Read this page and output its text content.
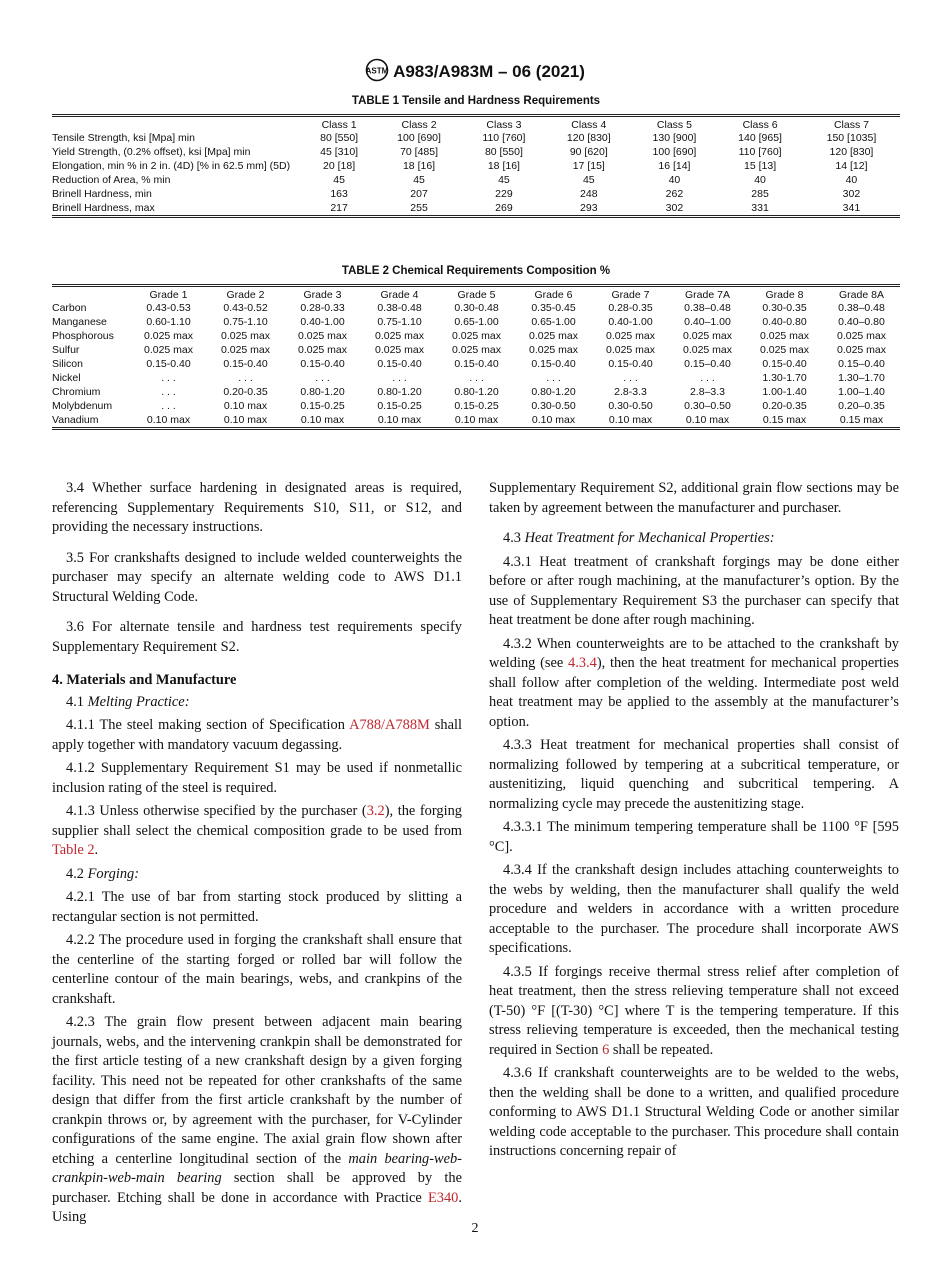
ASTM A983/A983M – 06 (2021)
TABLE 1 Tensile and Hardness Requirements
	Class 1	Class 2	Class 3	Class 4	Class 5	Class 6	Class 7
Tensile Strength, ksi [Mpa] min	80 [550]	100 [690]	110 [760]	120 [830]	130 [900]	140 [965]	150 [1035]
Yield Strength, (0.2% offset), ksi [Mpa] min	45 [310]	70 [485]	80 [550]	90 [620]	100 [690]	110 [760]	120 [830]
Elongation, min % in 2 in. (4D) [% in 62.5 mm] (5D)	20 [18]	18 [16]	18 [16]	17 [15]	16 [14]	15 [13]	14 [12]
Reduction of Area, % min	45	45	45	45	40	40	40
Brinell Hardness, min	163	207	229	248	262	285	302
Brinell Hardness, max	217	255	269	293	302	331	341
TABLE 2 Chemical Requirements Composition %
	Grade 1	Grade 2	Grade 3	Grade 4	Grade 5	Grade 6	Grade 7	Grade 7A	Grade 8	Grade 8A
Carbon	0.43-0.53	0.43-0.52	0.28-0.33	0.38-0.48	0.30-0.48	0.35-0.45	0.28-0.35	0.38–0.48	0.30-0.35	0.38–0.48
Manganese	0.60-1.10	0.75-1.10	0.40-1.00	0.75-1.10	0.65-1.00	0.65-1.00	0.40-1.00	0.40–1.00	0.40-0.80	0.40–0.80
Phosphorous	0.025 max	0.025 max	0.025 max	0.025 max	0.025 max	0.025 max	0.025 max	0.025 max	0.025 max	0.025 max
Sulfur	0.025 max	0.025 max	0.025 max	0.025 max	0.025 max	0.025 max	0.025 max	0.025 max	0.025 max	0.025 max
Silicon	0.15-0.40	0.15-0.40	0.15-0.40	0.15-0.40	0.15-0.40	0.15-0.40	0.15-0.40	0.15–0.40	0.15-0.40	0.15–0.40
Nickel	. . .	. . .	. . .	. . .	. . .	. . .	. . .	. . .	1.30-1.70	1.30–1.70
Chromium	. . .	0.20-0.35	0.80-1.20	0.80-1.20	0.80-1.20	0.80-1.20	2.8-3.3	2.8–3.3	1.00-1.40	1.00–1.40
Molybdenum	. . .	0.10 max	0.15-0.25	0.15-0.25	0.15-0.25	0.30-0.50	0.30-0.50	0.30–0.50	0.20-0.35	0.20–0.35
Vanadium	0.10 max	0.10 max	0.10 max	0.10 max	0.10 max	0.10 max	0.10 max	0.10 max	0.15 max	0.15 max

3.4 Whether surface hardening in designated areas is required, referencing Supplementary Requirements S10, S11, or S12, and providing the necessary instructions.

3.5 For crankshafts designed to include welded counterweights the purchaser may specify an alternate welding code to AWS D1.1 Structural Welding Code.

3.6 For alternate tensile and hardness test requirements specify Supplementary Requirement S2.

4. Materials and Manufacture

4.1 Melting Practice:

4.1.1 The steel making section of Specification A788/A788M shall apply together with mandatory vacuum degassing.

4.1.2 Supplementary Requirement S1 may be used if nonmetallic inclusion rating of the steel is required.

4.1.3 Unless otherwise specified by the purchaser (3.2), the forging supplier shall select the chemical composition grade to be used from Table 2.

4.2 Forging:

4.2.1 The use of bar from starting stock produced by slitting a rectangular section is not permitted.

4.2.2 The procedure used in forging the crankshaft shall ensure that the centerline of the starting forged or rolled bar will follow the centerline contour of the main bearings, webs, and crankpins of the crankshaft.

4.2.3 The grain flow present between adjacent main bearing journals, webs, and the intervening crankpin shall be demonstrated for the first article testing of a new crankshaft design by a given forging facility. This need not be repeated for other crankshafts of the same design that differ from the first article crankshaft by the number of crankpin throws or, by agreement with the purchaser, for V-Cylinder configurations of the same engine. The axial grain flow shown after etching a centerline longitudinal section of the main bearing-web-crankpin-web-main bearing section shall be approved by the purchaser. Etching shall be done in accordance with Practice E340. Using

Supplementary Requirement S2, additional grain flow sections may be taken by agreement between the manufacturer and purchaser.

4.3 Heat Treatment for Mechanical Properties:

4.3.1 Heat treatment of crankshaft forgings may be done either before or after rough machining, at the manufacturer’s option. By the use of Supplementary Requirement S3 the purchaser can specify that heat treatment be done after rough machining.

4.3.2 When counterweights are to be attached to the crankshaft by welding (see 4.3.4), then the heat treatment for mechanical properties shall follow after completion of the welding. Intermediate post weld heat treatment may be applied to the assembly at the manufacturer’s option.

4.3.3 Heat treatment for mechanical properties shall consist of normalizing followed by tempering at a subcritical temperature, or austenitizing, liquid quenching and subcritical tempering. A normalizing cycle may precede the austenitizing stage.

4.3.3.1 The minimum tempering temperature shall be 1100 °F [595 °C].

4.3.4 If the crankshaft design includes attaching counterweights to the webs by welding, then the manufacturer shall qualify the weld procedure and welders in accordance with a written procedure acceptable to the purchaser. The procedure shall incorporate AWS specifications.

4.3.5 If forgings receive thermal stress relief after completion of heat treatment, then the stress relieving temperature shall not exceed (T-50) °F [(T-30) °C] where T is the tempering temperature. If this stress relieving temperature is exceeded, then the mechanical testing required in Section 6 shall be repeated.

4.3.6 If crankshaft counterweights are to be welded to the webs, then the welding shall be done to a written, and qualified procedure conforming to AWS D1.1 Structural Welding Code or another similar welding code acceptable to the purchaser. This procedure shall contain instructions concerning repair of

2
